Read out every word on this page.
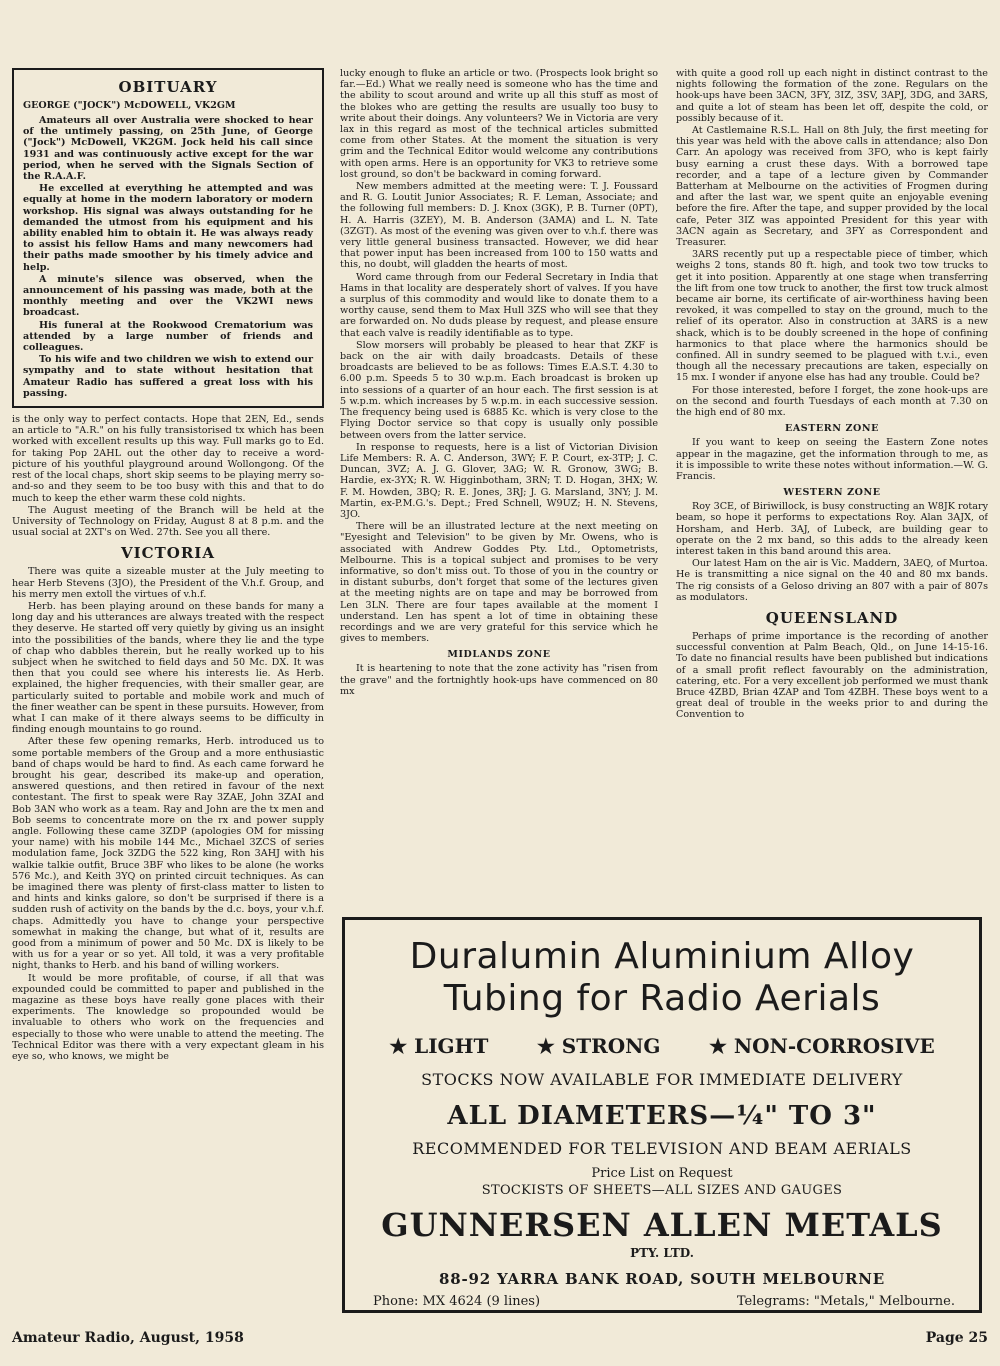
OBITUARY
GEORGE ("JOCK") McDOWELL, VK2GM

Amateurs all over Australia were shocked to hear of the untimely passing, on 25th June, of George ("Jock") McDowell, VK2GM. Jock held his call since 1931 and was continuously active except for the war period, when he served with the Signals Section of the R.A.A.F.

He excelled at everything he attempted and was equally at home in the modern laboratory or modern workshop. His signal was always outstanding for he demanded the utmost from his equipment and his ability enabled him to obtain it. He was always ready to assist his fellow Hams and many newcomers had their paths made smoother by his timely advice and help.

A minute's silence was observed, when the announcement of his passing was made, both at the monthly meeting and over the VK2WI news broadcast.

His funeral at the Rookwood Crematorium was attended by a large number of friends and colleagues.

To his wife and two children we wish to extend our sympathy and to state without hesitation that Amateur Radio has suffered a great loss with his passing.

is the only way to perfect contacts. Hope that 2EN, Ed., sends an article to "A.R." on his fully transistorised tx which has been worked with excellent results up this way. Full marks go to Ed. for taking Pop 2AHL out the other day to receive a word-picture of his youthful playground around Wollongong. Of the rest of the local chaps, short skip seems to be playing merry so-and-so and they seem to be too busy with this and that to do much to keep the ether warm these cold nights.

The August meeting of the Branch will be held at the University of Technology on Friday, August 8 at 8 p.m. and the usual social at 2XT's on Wed. 27th. See you all there.

VICTORIA

There was quite a sizeable muster at the July meeting to hear Herb Stevens (3JO), the President of the V.h.f. Group, and his merry men extoll the virtues of v.h.f.

Herb. has been playing around on these bands for many a long day and his utterances are always treated with the respect they deserve. He started off very quietly by giving us an insight into the possibilities of the bands, where they lie and the type of chap who dabbles therein, but he really worked up to his subject when he switched to field days and 50 Mc. DX. It was then that you could see where his interests lie. As Herb. explained, the higher frequencies, with their smaller gear, are particularly suited to portable and mobile work and much of the finer weather can be spent in these pursuits. However, from what I can make of it there always seems to be difficulty in finding enough mountains to go round.

After these few opening remarks, Herb. introduced us to some portable members of the Group and a more enthusiastic band of chaps would be hard to find. As each came forward he brought his gear, described its make-up and operation, answered questions, and then retired in favour of the next contestant. The first to speak were Ray 3ZAE, John 3ZAI and Bob 3AN who work as a team. Ray and John are the tx men and Bob seems to concentrate more on the rx and power supply angle. Following these came 3ZDP (apologies OM for missing your name) with his mobile 144 Mc., Michael 3ZCS of series modulation fame, Jock 3ZDG the 522 king, Ron 3AHJ with his walkie talkie outfit, Bruce 3BF who likes to be alone (he works 576 Mc.), and Keith 3YQ on printed circuit techniques. As can be imagined there was plenty of first-class matter to listen to and hints and kinks galore, so don't be surprised if there is a sudden rush of activity on the bands by the d.c. boys, your v.h.f. chaps. Admittedly you have to change your perspective somewhat in making the change, but what of it, results are good from a minimum of power and 50 Mc. DX is likely to be with us for a year or so yet. All told, it was a very profitable night, thanks to Herb. and his band of willing workers.

It would be more profitable, of course, if all that was expounded could be committed to paper and published in the magazine as these boys have really gone places with their experiments. The knowledge so propounded would be invaluable to others who work on the frequencies and especially to those who were unable to attend the meeting. The Technical Editor was there with a very expectant gleam in his eye so, who knows, we might be

lucky enough to fluke an article or two. (Prospects look bright so far.—Ed.) What we really need is someone who has the time and the ability to scout around and write up all this stuff as most of the blokes who are getting the results are usually too busy to write about their doings. Any volunteers? We in Victoria are very lax in this regard as most of the technical articles submitted come from other States. At the moment the situation is very grim and the Technical Editor would welcome any contributions with open arms. Here is an opportunity for VK3 to retrieve some lost ground, so don't be backward in coming forward.

New members admitted at the meeting were: T. J. Foussard and R. G. Loutit Junior Associates; R. F. Leman, Associate; and the following full members: D. J. Knox (3GK), P. B. Turner (0PT), H. A. Harris (3ZEY), M. B. Anderson (3AMA) and L. N. Tate (3ZGT). As most of the evening was given over to v.h.f. there was very little general business transacted. However, we did hear that power input has been increased from 100 to 150 watts and this, no doubt, will gladden the hearts of most.

Word came through from our Federal Secretary in India that Hams in that locality are desperately short of valves. If you have a surplus of this commodity and would like to donate them to a worthy cause, send them to Max Hull 3ZS who will see that they are forwarded on. No duds please by request, and please ensure that each valve is readily identifiable as to type.

Slow morsers will probably be pleased to hear that ZKF is back on the air with daily broadcasts. Details of these broadcasts are believed to be as follows: Times E.A.S.T. 4.30 to 6.00 p.m. Speeds 5 to 30 w.p.m. Each broadcast is broken up into sessions of a quarter of an hour each. The first session is at 5 w.p.m. which increases by 5 w.p.m. in each successive session. The frequency being used is 6885 Kc. which is very close to the Flying Doctor service so that copy is usually only possible between overs from the latter service.

In response to requests, here is a list of Victorian Division Life Members: R. A. C. Anderson, 3WY; F. P. Court, ex-3TP; J. C. Duncan, 3VZ; A. J. G. Glover, 3AG; W. R. Gronow, 3WG; B. Hardie, ex-3YX; R. W. Higginbotham, 3RN; T. D. Hogan, 3HX; W. F. M. Howden, 3BQ; R. E. Jones, 3RJ; J. G. Marsland, 3NY; J. M. Martin, ex-P.M.G.'s. Dept.; Fred Schnell, W9UZ; H. N. Stevens, 3JO.

There will be an illustrated lecture at the next meeting on "Eyesight and Television" to be given by Mr. Owens, who is associated with Andrew Goddes Pty. Ltd., Optometrists, Melbourne. This is a topical subject and promises to be very informative, so don't miss out. To those of you in the country or in distant suburbs, don't forget that some of the lectures given at the meeting nights are on tape and may be borrowed from Len 3LN. There are four tapes available at the moment I understand. Len has spent a lot of time in obtaining these recordings and we are very grateful for this service which he gives to members.

MIDLANDS ZONE

It is heartening to note that the zone activity has "risen from the grave" and the fortnightly hook-ups have commenced on 80 mx

with quite a good roll up each night in distinct contrast to the nights following the formation of the zone. Regulars on the hook-ups have been 3ACN, 3FY, 3IZ, 3SV, 3APJ, 3DG, and 3ARS, and quite a lot of steam has been let off, despite the cold, or possibly because of it.

At Castlemaine R.S.L. Hall on 8th July, the first meeting for this year was held with the above calls in attendance; also Don Carr. An apology was received from 3FO, who is kept fairly busy earning a crust these days. With a borrowed tape recorder, and a tape of a lecture given by Commander Batterham at Melbourne on the activities of Frogmen during and after the last war, we spent quite an enjoyable evening before the fire. After the tape, and supper provided by the local cafe, Peter 3IZ was appointed President for this year with 3ACN again as Secretary, and 3FY as Correspondent and Treasurer.

3ARS recently put up a respectable piece of timber, which weighs 2 tons, stands 80 ft. high, and took two tow trucks to get it into position. Apparently at one stage when transferring the lift from one tow truck to another, the first tow truck almost became air borne, its certificate of air-worthiness having been revoked, it was compelled to stay on the ground, much to the relief of its operator. Also in construction at 3ARS is a new shack, which is to be doubly screened in the hope of confining harmonics to that place where the harmonics should be confined. All in sundry seemed to be plagued with t.v.i., even though all the necessary precautions are taken, especially on 15 mx. I wonder if anyone else has had any trouble. Could be?

For those interested, before I forget, the zone hook-ups are on the second and fourth Tuesdays of each month at 7.30 on the high end of 80 mx.

EASTERN ZONE

If you want to keep on seeing the Eastern Zone notes appear in the magazine, get the information through to me, as it is impossible to write these notes without information.—W. G. Francis.

WESTERN ZONE

Roy 3CE, of Biriwillock, is busy constructing an W8JK rotary beam, so hope it performs to expectations Roy. Alan 3AJX, of Horsham, and Herb. 3AJ, of Lubeck, are building gear to operate on the 2 mx band, so this adds to the already keen interest taken in this band around this area.

Our latest Ham on the air is Vic. Maddern, 3AEQ, of Murtoa. He is transmitting a nice signal on the 40 and 80 mx bands. The rig consists of a Geloso driving an 807 with a pair of 807s as modulators.

QUEENSLAND

Perhaps of prime importance is the recording of another successful convention at Palm Beach, Qld., on June 14-15-16. To date no financial results have been published but indications of a small profit reflect favourably on the administration, catering, etc. For a very excellent job performed we must thank Bruce 4ZBD, Brian 4ZAP and Tom 4ZBH. These boys went to a great deal of trouble in the weeks prior to and during the Convention to

Duralumin Aluminium Alloy
Tubing for Radio Aerials
★ LIGHT ★ STRONG ★ NON-CORROSIVE
STOCKS NOW AVAILABLE FOR IMMEDIATE DELIVERY
ALL DIAMETERS—¼" TO 3"
RECOMMENDED FOR TELEVISION AND BEAM AERIALS
Price List on Request
STOCKISTS OF SHEETS—ALL SIZES AND GAUGES
GUNNERSEN ALLEN METALS
PTY. LTD.
88-92 YARRA BANK ROAD, SOUTH MELBOURNE
Phone: MX 4624 (9 lines)	Telegrams: "Metals," Melbourne.
Amateur Radio, August, 1958	Page 25
